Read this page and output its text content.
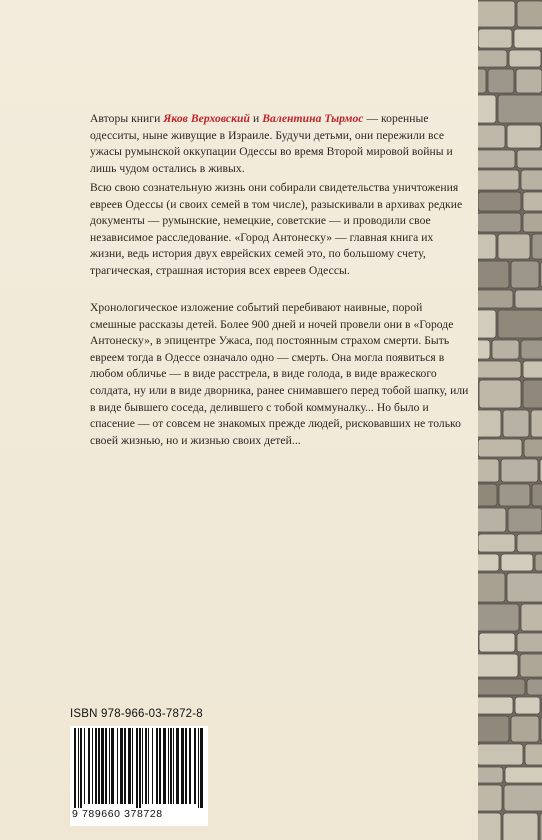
Авторы книги Яков Верховский и Валентина Тырмос — коренные одесситы, ныне живущие в Израиле. Будучи детьми, они пережили все ужасы румынской оккупации Одессы во время Второй мировой войны и лишь чудом остались в живых.

Всю свою сознательную жизнь они собирали свидетельства уничтожения евреев Одессы (и своих семей в том числе), разыскивали в архивах редкие документы — румынские, немецкие, советские — и проводили свое независимое расследование. «Город Антонеску» — главная книга их жизни, ведь история двух еврейских семей это, по большому счету, трагическая, страшная история всех евреев Одессы.

Хронологическое изложение событий перебивают наивные, порой смешные рассказы детей. Более 900 дней и ночей провели они в «Городе Антонеску», в эпицентре Ужаса, под постоянным страхом смерти. Быть евреем тогда в Одессе означало одно — смерть. Она могла появиться в любом обличье — в виде расстрела, в виде голода, в виде вражеского солдата, ну или в виде дворника, ранее снимавшего перед тобой шапку, или в виде бывшего соседа, делившего с тобой коммуналку... Но было и спасение — от совсем не знакомых прежде людей, рисковавших не только своей жизнью, но и жизнью своих детей...

ISBN 978-966-03-7872-8
9 789660 378728
